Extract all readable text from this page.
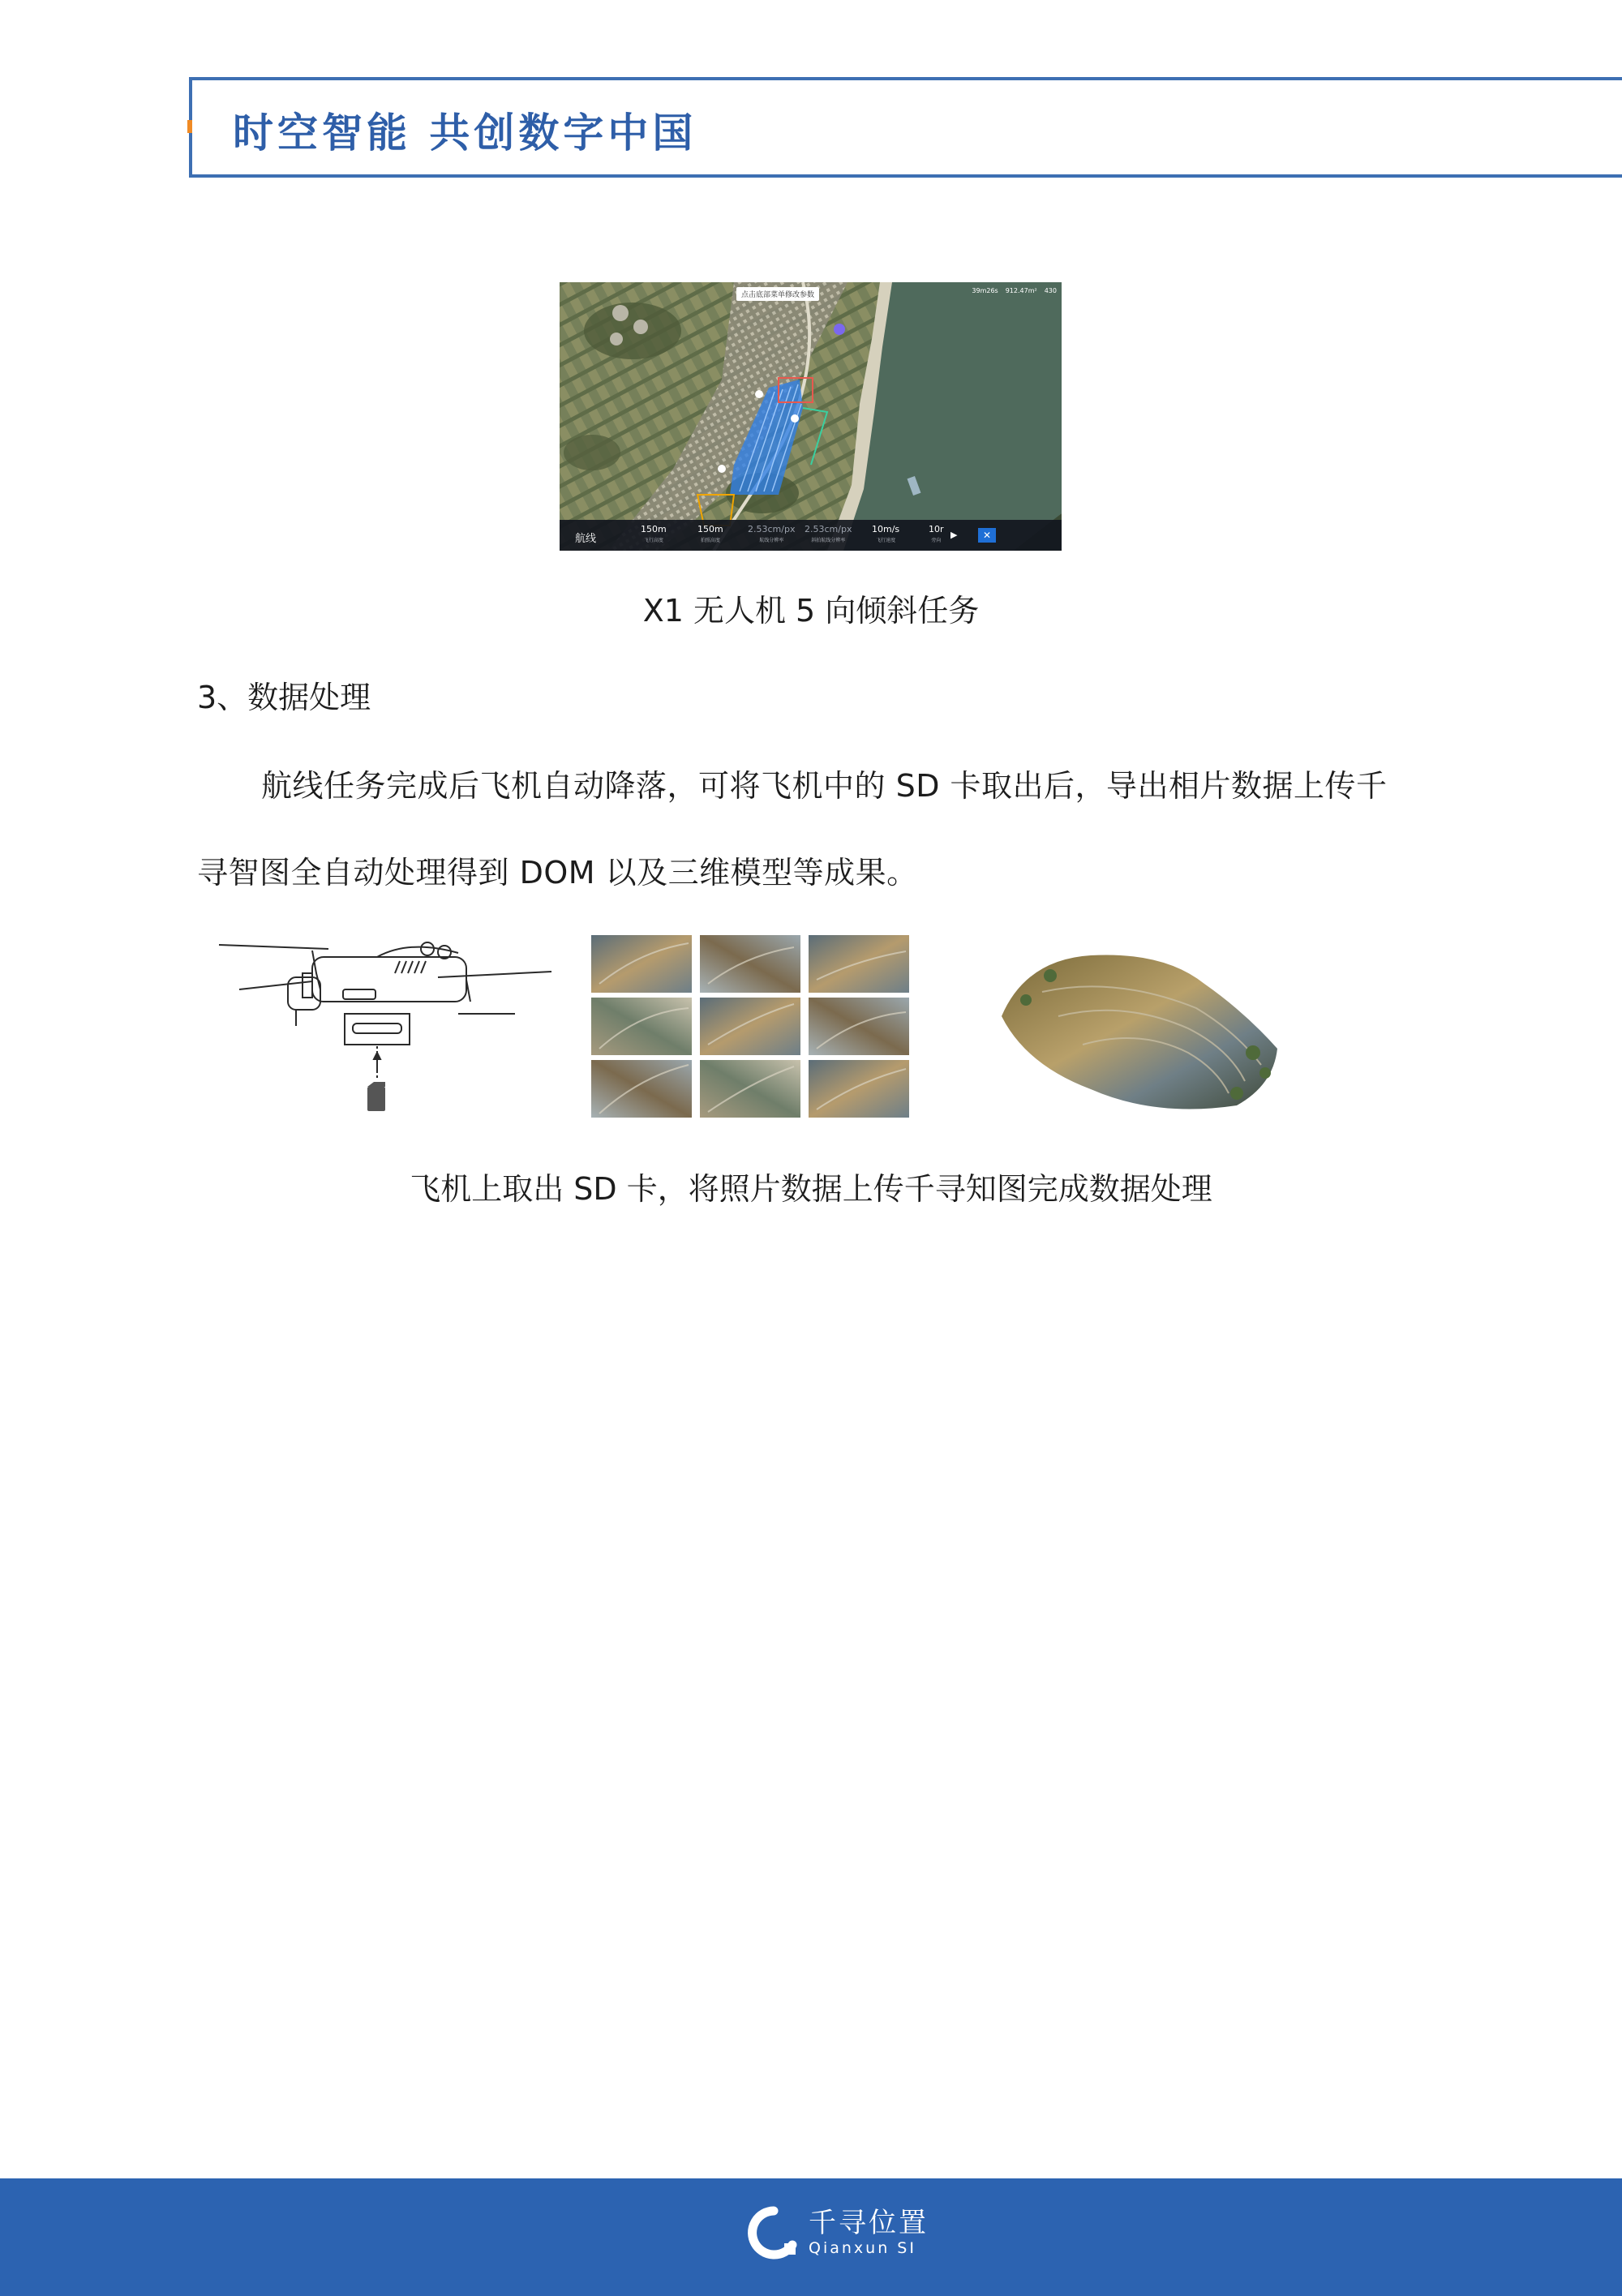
时空智能 共创数字中国
点击底部菜单修改参数
39m26s 912.47m² 430
航线
150m
飞行高度
150m
拍照高度
2.53cm/px
航线分辨率
2.53cm/px
斜拍航线分辨率
10m/s
飞行速度
10r
旁向
▶	✕
X1 无人机 5 向倾斜任务
3、数据处理
航线任务完成后飞机自动降落，可将飞机中的 SD 卡取出后，导出相片数据上传千
寻智图全自动处理得到 DOM 以及三维模型等成果。
飞机上取出 SD 卡，将照片数据上传千寻知图完成数据处理
千寻位置
Qianxun SI
